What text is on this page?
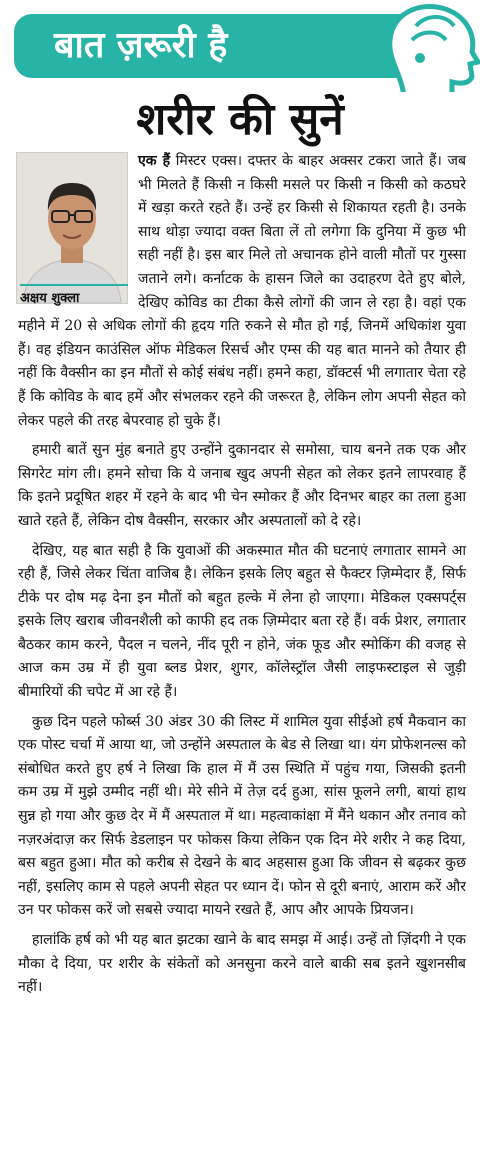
बात ज़रूरी है
शरीर की सुनें
अक्षय शुक्ला

एक हैं मिस्टर एक्स। दफ्तर के बाहर अक्सर टकरा जाते हैं। जब भी मिलते हैं किसी न किसी मसले पर किसी न किसी को कठघरे में खड़ा करते रहते हैं। उन्हें हर किसी से शिकायत रहती है। उनके साथ थोड़ा ज्यादा वक्त बिता लें तो लगेगा कि दुनिया में कुछ भी सही नहीं है। इस बार मिले तो अचानक होने वाली मौतों पर गुस्सा जताने लगे। कर्नाटक के हासन जिले का उदाहरण देते हुए बोले, देखिए कोविड का टीका कैसे लोगों की जान ले रहा है। वहां एक महीने में 20 से अधिक लोगों की हृदय गति रुकने से मौत हो गई, जिनमें अधिकांश युवा हैं। वह इंडियन काउंसिल ऑफ मेडिकल रिसर्च और एम्स की यह बात मानने को तैयार ही नहीं कि वैक्सीन का इन मौतों से कोई संबंध नहीं। हमने कहा, डॉक्टर्स भी लगातार चेता रहे हैं कि कोविड के बाद हमें और संभलकर रहने की जरूरत है, लेकिन लोग अपनी सेहत को लेकर पहले की तरह बेपरवाह हो चुके हैं।

हमारी बातें सुन मुंह बनाते हुए उन्होंने दुकानदार से समोसा, चाय बनने तक एक और सिगरेट मांग ली। हमने सोचा कि ये जनाब खुद अपनी सेहत को लेकर इतने लापरवाह हैं कि इतने प्रदूषित शहर में रहने के बाद भी चेन स्मोकर हैं और दिनभर बाहर का तला हुआ खाते रहते हैं, लेकिन दोष वैक्सीन, सरकार और अस्पतालों को दे रहे।

देखिए, यह बात सही है कि युवाओं की अकस्मात मौत की घटनाएं लगातार सामने आ रही हैं, जिसे लेकर चिंता वाजिब है। लेकिन इसके लिए बहुत से फैक्टर ज़िम्मेदार हैं, सिर्फ टीके पर दोष मढ़ देना इन मौतों को बहुत हल्के में लेना हो जाएगा। मेडिकल एक्सपर्ट्स इसके लिए खराब जीवनशैली को काफी हद तक ज़िम्मेदार बता रहे हैं। वर्क प्रेशर, लगातार बैठकर काम करने, पैदल न चलने, नींद पूरी न होने, जंक फूड और स्मोकिंग की वजह से आज कम उम्र में ही युवा ब्लड प्रेशर, शुगर, कॉलेस्ट्रॉल जैसी लाइफस्टाइल से जुड़ी बीमारियों की चपेट में आ रहे हैं।

कुछ दिन पहले फोर्ब्स 30 अंडर 30 की लिस्ट में शामिल युवा सीईओ हर्ष मैकवान का एक पोस्ट चर्चा में आया था, जो उन्होंने अस्पताल के बेड से लिखा था। यंग प्रोफेशनल्स को संबोधित करते हुए हर्ष ने लिखा कि हाल में मैं उस स्थिति में पहुंच गया, जिसकी इतनी कम उम्र में मुझे उम्मीद नहीं थी। मेरे सीने में तेज़ दर्द हुआ, सांस फूलने लगी, बायां हाथ सुन्न हो गया और कुछ देर में मैं अस्पताल में था। महत्वाकांक्षा में मैंने थकान और तनाव को नज़रअंदाज़ कर सिर्फ डेडलाइन पर फोकस किया लेकिन एक दिन मेरे शरीर ने कह दिया, बस बहुत हुआ। मौत को करीब से देखने के बाद अहसास हुआ कि जीवन से बढ़कर कुछ नहीं, इसलिए काम से पहले अपनी सेहत पर ध्यान दें। फोन से दूरी बनाएं, आराम करें और उन पर फोकस करें जो सबसे ज्यादा मायने रखते हैं, आप और आपके प्रियजन।

हालांकि हर्ष को भी यह बात झटका खाने के बाद समझ में आई। उन्हें तो ज़िंदगी ने एक मौका दे दिया, पर शरीर के संकेतों को अनसुना करने वाले बाकी सब इतने खुशनसीब नहीं।
